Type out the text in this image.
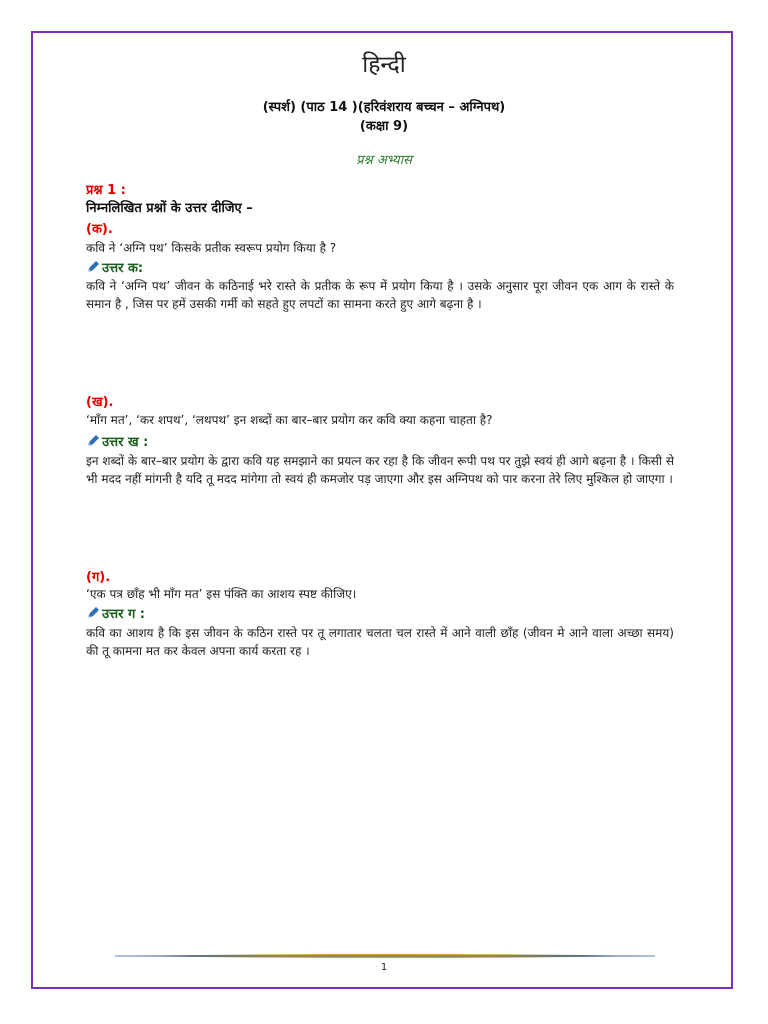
हिन्दी
(स्पर्श) (पाठ 14 )(हरिवंशराय बच्चन – अग्निपथ)
(कक्षा 9)
प्रश्न अभ्यास
प्रश्न 1 :
निम्नलिखित प्रश्नों के उत्तर दीजिए –
(क).
कवि ने ‘अग्नि पथ’ किसके प्रतीक स्वरूप प्रयोग किया है ?
उत्तर क:
कवि ने ‘अग्नि पथ’ जीवन के कठिनाई भरे रास्ते के प्रतीक के रूप में प्रयोग किया है । उसके अनुसार पूरा जीवन एक आग के रास्ते के समान है , जिस पर हमें उसकी गर्मी को सहते हुए लपटों का सामना करते हुए आगे बढ़ना है ।
(ख).
‘माँग मत’, ‘कर शपथ’, ‘लथपथ’ इन शब्दों का बार–बार प्रयोग कर कवि क्या कहना चाहता है?
उत्तर ख :
इन शब्दों के बार–बार प्रयोग के द्वारा कवि यह समझाने का प्रयत्न कर रहा है कि जीवन रूपी पथ पर तुझे स्वयं ही आगे बढ़ना है । किसी से भी मदद नहीं मांगनी है यदि तू मदद मांगेगा तो स्वयं ही कमजोर पड़ जाएगा और इस अग्निपथ को पार करना तेरे लिए मुश्किल हो जाएगा ।
(ग).
‘एक पत्र छाँह भी माँग मत’ इस पंक्ति का आशय स्पष्ट कीजिए।
उत्तर ग :
कवि का आशय है कि इस जीवन के कठिन रास्ते पर तू लगातार चलता चल रास्ते में आने वाली छाँह (जीवन मे आने वाला अच्छा समय) की तू कामना मत कर केवल अपना कार्य करता रह ।
1
